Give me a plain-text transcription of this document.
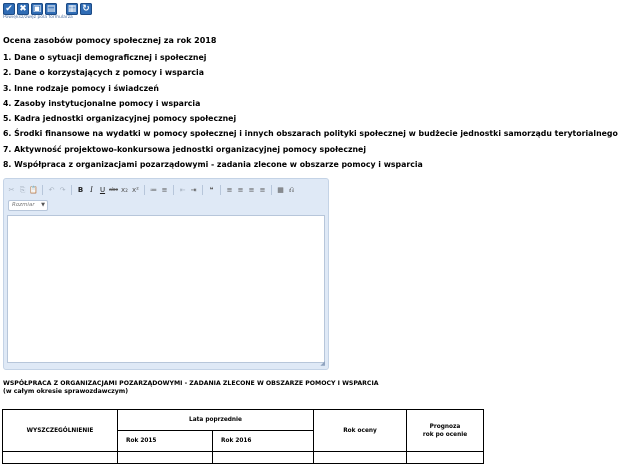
✔ ✖ ▣ ▤ ▦ ↻
Powiększ/zwęż pola formularza
Ocena zasobów pomocy społecznej za rok 2018
1. Dane o sytuacji demograficznej i społecznej
2. Dane o korzystających z pomocy i wsparcia
3. Inne rodzaje pomocy i świadczeń
4. Zasoby instytucjonalne pomocy i wsparcia
5. Kadra jednostki organizacyjnej pomocy społecznej
6. Środki finansowe na wydatki w pomocy społecznej i innych obszarach polityki społecznej w budżecie jednostki samorządu terytorialnego
7. Aktywność projektowo-konkursowa jednostki organizacyjnej pomocy społecznej
8. Współpraca z organizacjami pozarządowymi - zadania zlecone w obszarze pomocy i wsparcia
✂ ⎘ 📋 ↶ ↷ B I	U abc x₂ x² ≔ ≡ ⇤ ⇥	❝	≡ ≡ ≡ ≡ ▦ ⎌
Rozmiar ▼
◢
WSPÓŁPRACA Z ORGANIZACJAMI POZARZĄDOWYMI - ZADANIA ZLECONE W OBSZARZE POMOCY I WSPARCIA
(w całym okresie sprawozdawczym)
WYSZCZEGÓLNIENIE	Lata poprzednie		Rok oceny	Prognoza
rok po ocenie
	Rok 2015	Rok 2016		
